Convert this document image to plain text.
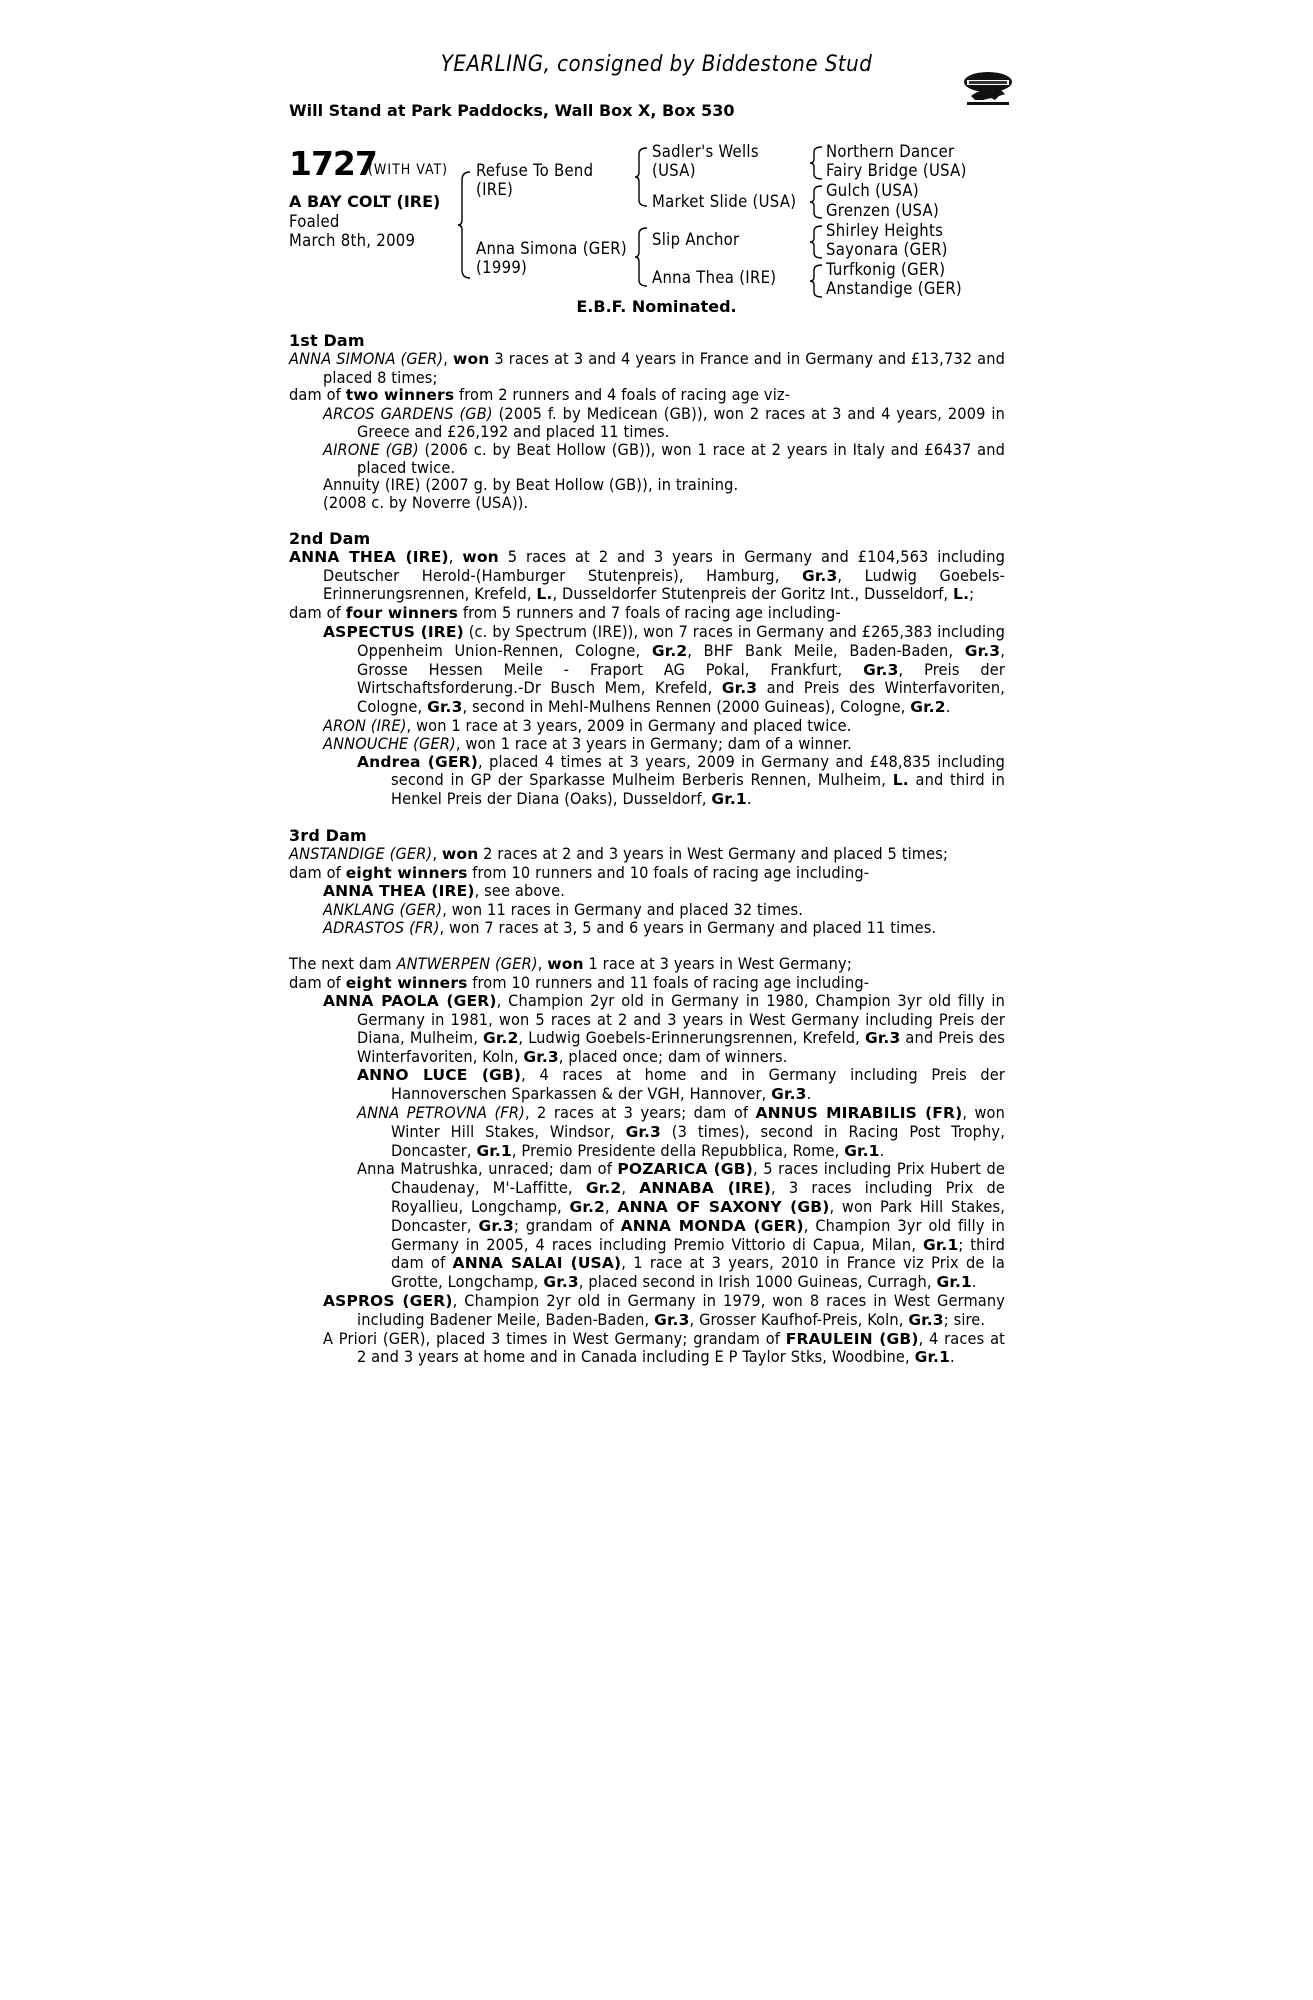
YEARLING, consigned by Biddestone Stud
Will Stand at Park Paddocks, Wall Box X, Box 530
1727
(WITH VAT)
A BAY COLT (IRE)
Foaled
March 8th, 2009
Refuse To Bend
(IRE)
Anna Simona (GER)
(1999)
Sadler's Wells
(USA)
Market Slide (USA)
Slip Anchor
Anna Thea (IRE)
Northern Dancer
Fairy Bridge (USA)
Gulch (USA)
Grenzen (USA)
Shirley Heights
Sayonara (GER)
Turfkonig (GER)
Anstandige (GER)
E.B.F. Nominated.
1st Dam

ANNA SIMONA (GER), won 3 races at 3 and 4 years in France and in Germany and £13,732 and placed 8 times;

dam of two winners from 2 runners and 4 foals of racing age viz-

ARCOS GARDENS (GB) (2005 f. by Medicean (GB)), won 2 races at 3 and 4 years, 2009 in Greece and £26,192 and placed 11 times.

AIRONE (GB) (2006 c. by Beat Hollow (GB)), won 1 race at 2 years in Italy and £6437 and placed twice.

Annuity (IRE) (2007 g. by Beat Hollow (GB)), in training.

(2008 c. by Noverre (USA)).

2nd Dam

ANNA THEA (IRE), won 5 races at 2 and 3 years in Germany and £104,563 including Deutscher Herold-(Hamburger Stutenpreis), Hamburg, Gr.3, Ludwig Goebels-Erinnerungsrennen, Krefeld, L., Dusseldorfer Stutenpreis der Goritz Int., Dusseldorf, L.;

dam of four winners from 5 runners and 7 foals of racing age including-

ASPECTUS (IRE) (c. by Spectrum (IRE)), won 7 races in Germany and £265,383 including Oppenheim Union-Rennen, Cologne, Gr.2, BHF Bank Meile, Baden-Baden, Gr.3, Grosse Hessen Meile - Fraport AG Pokal, Frankfurt, Gr.3, Preis der Wirtschaftsforderung.-Dr Busch Mem, Krefeld, Gr.3 and Preis des Winterfavoriten, Cologne, Gr.3, second in Mehl-Mulhens Rennen (2000 Guineas), Cologne, Gr.2.

ARON (IRE), won 1 race at 3 years, 2009 in Germany and placed twice.

ANNOUCHE (GER), won 1 race at 3 years in Germany; dam of a winner.

Andrea (GER), placed 4 times at 3 years, 2009 in Germany and £48,835 including second in GP der Sparkasse Mulheim Berberis Rennen, Mulheim, L. and third in Henkel Preis der Diana (Oaks), Dusseldorf, Gr.1.

3rd Dam

ANSTANDIGE (GER), won 2 races at 2 and 3 years in West Germany and placed 5 times;

dam of eight winners from 10 runners and 10 foals of racing age including-

ANNA THEA (IRE), see above.

ANKLANG (GER), won 11 races in Germany and placed 32 times.

ADRASTOS (FR), won 7 races at 3, 5 and 6 years in Germany and placed 11 times.

The next dam ANTWERPEN (GER), won 1 race at 3 years in West Germany;

dam of eight winners from 10 runners and 11 foals of racing age including-

ANNA PAOLA (GER), Champion 2yr old in Germany in 1980, Champion 3yr old filly in Germany in 1981, won 5 races at 2 and 3 years in West Germany including Preis der Diana, Mulheim, Gr.2, Ludwig Goebels-Erinnerungsrennen, Krefeld, Gr.3 and Preis des Winterfavoriten, Koln, Gr.3, placed once; dam of winners.

ANNO LUCE (GB), 4 races at home and in Germany including Preis der Hannoverschen Sparkassen & der VGH, Hannover, Gr.3.

ANNA PETROVNA (FR), 2 races at 3 years; dam of ANNUS MIRABILIS (FR), won Winter Hill Stakes, Windsor, Gr.3 (3 times), second in Racing Post Trophy, Doncaster, Gr.1, Premio Presidente della Repubblica, Rome, Gr.1.

Anna Matrushka, unraced; dam of POZARICA (GB), 5 races including Prix Hubert de Chaudenay, M'-Laffitte, Gr.2, ANNABA (IRE), 3 races including Prix de Royallieu, Longchamp, Gr.2, ANNA OF SAXONY (GB), won Park Hill Stakes, Doncaster, Gr.3; grandam of ANNA MONDA (GER), Champion 3yr old filly in Germany in 2005, 4 races including Premio Vittorio di Capua, Milan, Gr.1; third dam of ANNA SALAI (USA), 1 race at 3 years, 2010 in France viz Prix de la Grotte, Longchamp, Gr.3, placed second in Irish 1000 Guineas, Curragh, Gr.1.

ASPROS (GER), Champion 2yr old in Germany in 1979, won 8 races in West Germany including Badener Meile, Baden-Baden, Gr.3, Grosser Kaufhof-Preis, Koln, Gr.3; sire.

A Priori (GER), placed 3 times in West Germany; grandam of FRAULEIN (GB), 4 races at 2 and 3 years at home and in Canada including E P Taylor Stks, Woodbine, Gr.1.
